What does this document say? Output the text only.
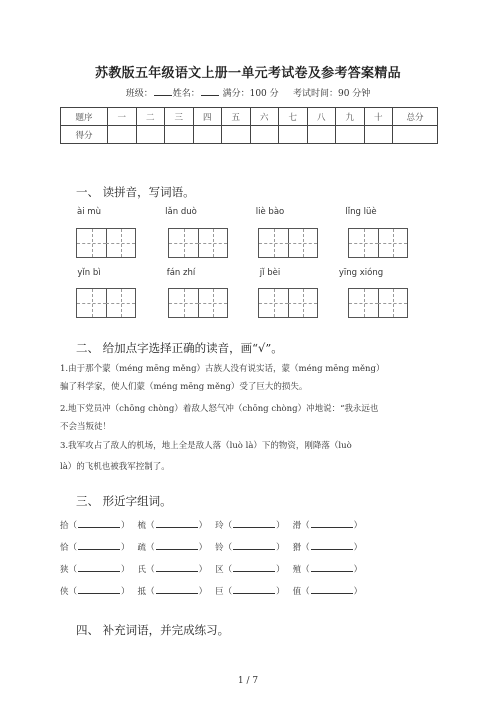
苏教版五年级语文上册一单元考试卷及参考答案精品
班级： 姓名：	满分：100 分 考试时间：90 分钟
题序	一	二	三	四	五	六	七	八	九	十	总分
得分											
一、 读拼音，写词语。
ài mù	lǎn duò	liè bào	lǐng lüè
yǐn bì	fán zhí	jǐ bèi	yīng xióng
二、 给加点字选择正确的读音，画“√”。
1.由于那个蒙（méng mēng měng）古族人没有说实话，蒙（méng mēng měng）
骗了科学家，使人们蒙（méng mēng měng）受了巨大的损失。
2.地下党员冲（chōng chòng）着敌人怒气冲（chōng chòng）冲地说：“我永远也
不会当叛徒！
3.我军攻占了敌人的机场，地上全是敌人落（luò là）下的物资，刚降落（luò
là）的飞机也被我军控制了。
三、 形近字组词。
拾（	） 梳（	） 玲（	） 滑（	）
恰（	） 疏（	） 铃（	） 猾（	）
狭（	） 氏（	） 区（	） 殖（	）
侠（	） 抵（	） 巨（	） 值（	）
四、 补充词语，并完成练习。
1 / 7
